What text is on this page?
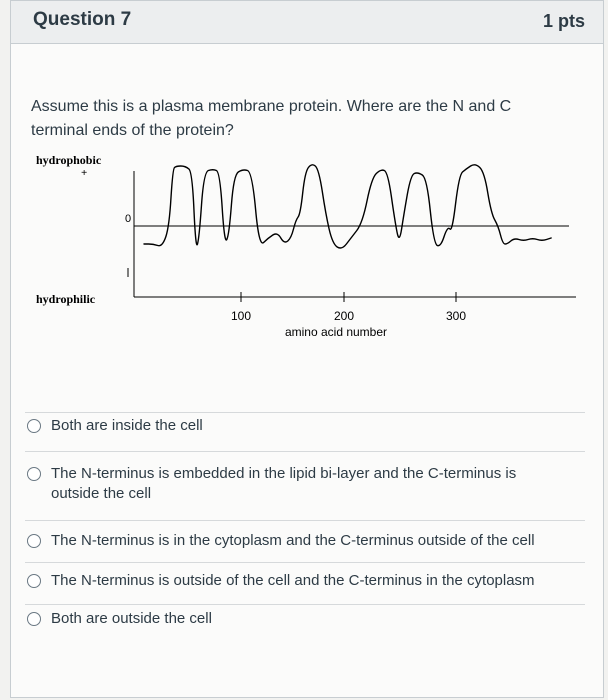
Question 7	1 pts
Assume this is a plasma membrane protein. Where are the N and C terminal ends of the protein?
hydrophobic
+
hydrophilic
0
100	200	300
amino acid number
Both are inside the cell
The N-terminus is embedded in the lipid bi-layer and the C-terminus is outside the cell
The N-terminus is in the cytoplasm and the C-terminus outside of the cell
The N-terminus is outside of the cell and the C-terminus in the cytoplasm
Both are outside the cell
